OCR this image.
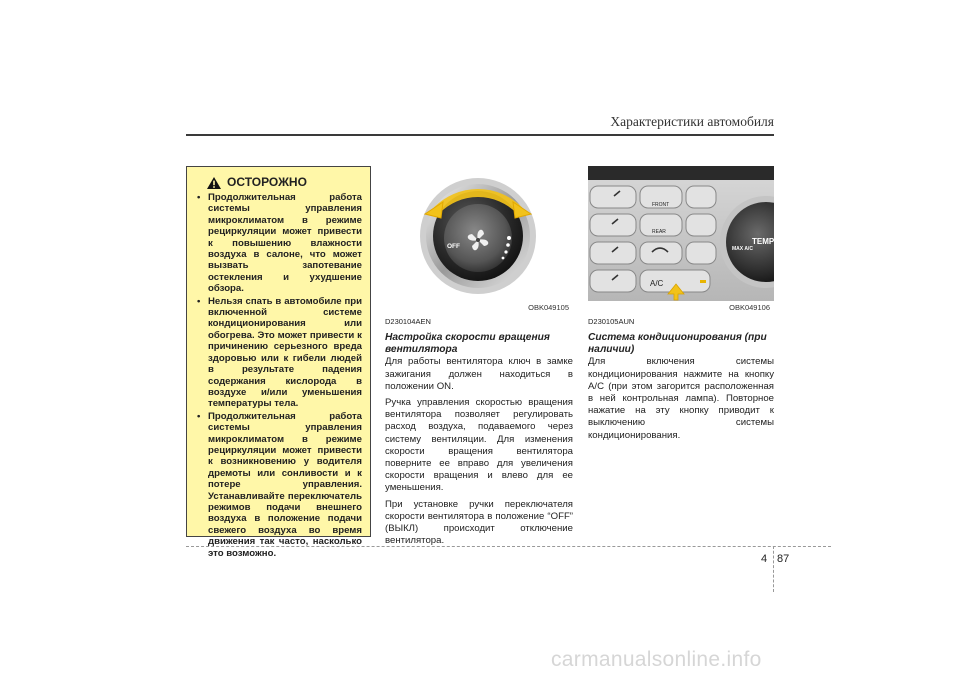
Характеристики автомобиля
ОСТОРОЖНО
• Продолжительная работа системы управления микроклиматом в режиме рециркуляции может привести к повышению влажности воздуха в салоне, что может вызвать запотевание остекления и ухудшение обзора.
• Нельзя спать в автомобиле при включенной системе кондиционирования или обогрева. Это может привести к причинению серьезного вреда здоровью или к гибели людей в результате падения содержания кислорода в воздухе и/или уменьшения температуры тела.
• Продолжительная работа системы управления микроклиматом в режиме рециркуляции может привести к возникновению у водителя дремоты или сонливости и к потере управления. Устанавливайте переключатель режимов подачи внешнего воздуха в положение подачи свежего воздуха во время движения так часто, насколько это возможно.
OFF
OBK049105
FRONT
REAR
A/C
MAX A/C
TEMP
OBK049106
D230104AEN
Настройка скорости вращения вентилятора

Для работы вентилятора ключ в замке зажигания должен находиться в положении ON.

Ручка управления скоростью вращения вентилятора позволяет регулировать расход воздуха, подаваемого через систему вентиляции. Для изменения скорости вращения вентилятора поверните ее вправо для увеличения скорости вращения и влево для ее уменьшения.

При установке ручки переключателя скорости вентилятора в положение “OFF” (ВЫКЛ) происходит отключение вентилятора.

D230105AUN
Система кондиционирования (при наличии)

Для включения системы кондиционирования нажмите на кнопку A/C (при этом загорится расположенная в ней контрольная лампа). Повторное нажатие на эту кнопку приводит к выключению системы кондиционирования.

4 87
carmanualsonline.info
